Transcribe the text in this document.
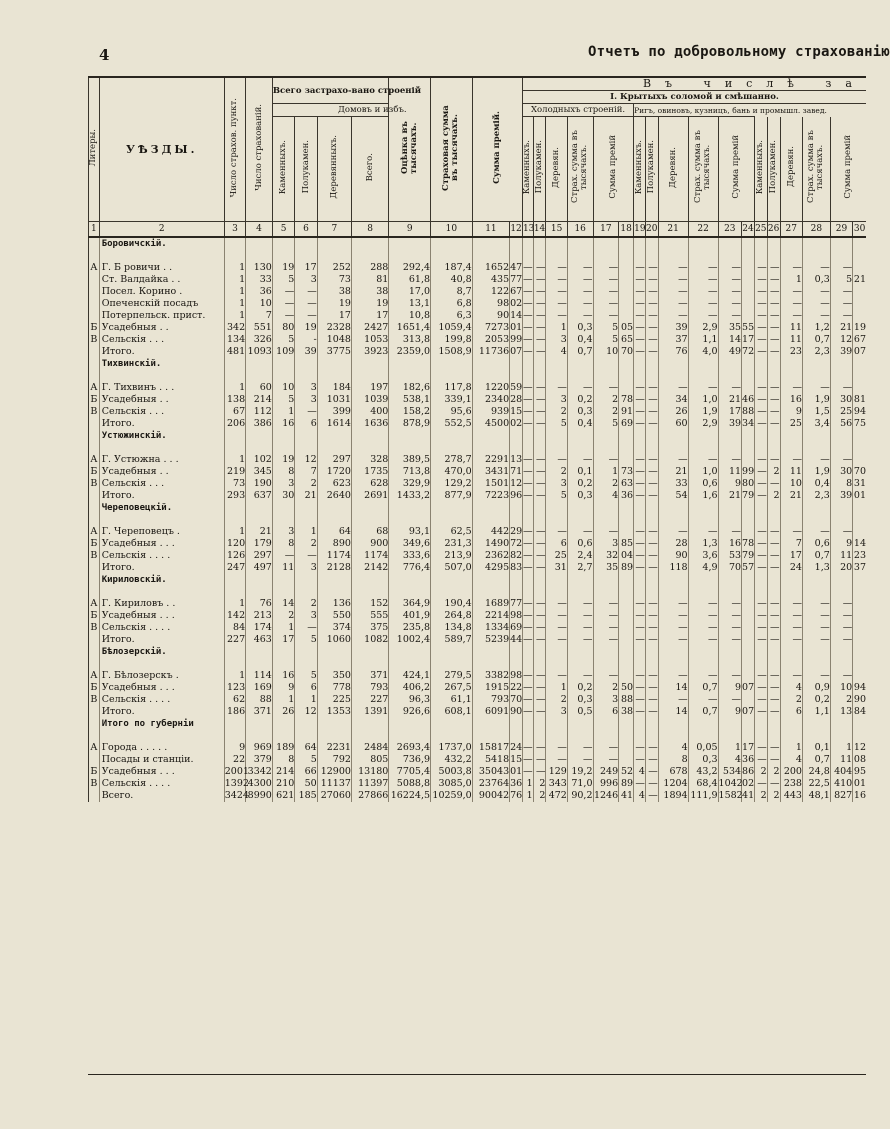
4	Отчетъ по добровольному страхованію
Литеры.	УѢЗДЫ.	Число страхов. пункт.	Число страхованій.	Всего застрахо-вано строеній				Оцѣнка въ тысячахъ.	Страховая сумма въ тысячахъ.	Сумма премій.		Въ числѣ за																	
												I. Крытыхъ соломой и смѣшанно.																	
				Домовъ и избъ.								Холодныхъ строеній.						Ригъ, овиновъ, кузницъ, бань и промышл. завед.											
				Каменныхъ.	Полукамен.	Деревянныхъ.	Всего.					Каменныхъ.	Полукамен.	Деревян.	Страх. сумма въ тысячахъ.	Сумма премій		Каменныхъ.	Полукамен.	Деревян.	Страх. сумма въ тысячахъ.	Сумма премій		Каменныхъ.	Полукамен.	Деревян.	Страх. сумма въ тысячахъ.	Сумма премій	
1	2	3	4	5	6	7	8	9	10	11	12	13	14	15	16	17	18	19	20	21	22	23	24	25	26	27	28	29	30
	Боровичскій.																												

А	Г. Б ровичи . .	1	130	19	17	252	288	292,4	187,4	1652	47	—	—	—	—	—		—	—	—	—	—		—	—	—	—	—	
	Ст. Валдайка . .	1	33	5	3	73	81	61,8	40,8	435	77	—	—	—	—	—		—	—	—	—	—		—	—	1	0,3	5	21
	Посел. Корино .	1	36	—	—	38	38	17,0	8,7	122	67	—	—	—	—	—		—	—	—	—	—		—	—	—	—	—	
	Опеченскій посадъ	1	10	—	—	19	19	13,1	6,8	98	02	—	—	—	—	—		—	—	—	—	—		—	—	—	—	—	
	Потерпельск. прист.	1	7	—	—	17	17	10,8	6,3	90	14	—	—	—	—	—		—	—	—	—	—		—	—	—	—	—	
Б	Усадебныя . .	342	551	80	19	2328	2427	1651,4	1059,4	7273	01	—	—	1	0,3	5	05	—	—	39	2,9	35	55	—	—	11	1,2	21	19
В	Сельскія . . .	134	326	5	-	1048	1053	313,8	199,8	2053	99	—	—	3	0,4	5	65	—	—	37	1,1	14	17	—	—	11	0,7	12	67
	Итого.	481	1093	109	39	3775	3923	2359,0	1508,9	11736	07	—	—	4	0,7	10	70	—	—	76	4,0	49	72	—	—	23	2,3	39	07
	Тихвинскій.																												

А	Г. Тихвинъ . . .	1	60	10	3	184	197	182,6	117,8	1220	59	—	—	—	—	—		—	—	—	—	—		—	—	—	—	—	
Б	Усадебныя . .	138	214	5	3	1031	1039	538,1	339,1	2340	28	—	—	3	0,2	2	78	—	—	34	1,0	21	46	—	—	16	1,9	30	81
В	Сельскія . . .	67	112	1	—	399	400	158,2	95,6	939	15	—	—	2	0,3	2	91	—	—	26	1,9	17	88	—	—	9	1,5	25	94
	Итого.	206	386	16	6	1614	1636	878,9	552,5	4500	02	—	—	5	0,4	5	69	—	—	60	2,9	39	34	—	—	25	3,4	56	75
	Устюжинскій.																												

А	Г. Устюжна . . .	1	102	19	12	297	328	389,5	278,7	2291	13	—	—	—	—	—		—	—	—	—	—		—	—	—	—	—	
Б	Усадебныя . .	219	345	8	7	1720	1735	713,8	470,0	3431	71	—	—	2	0,1	1	73	—	—	21	1,0	11	99	—	2	11	1,9	30	70
В	Сельскія . . .	73	190	3	2	623	628	329,9	129,2	1501	12	—	—	3	0,2	2	63	—	—	33	0,6	9	80	—	—	10	0,4	8	31
	Итого.	293	637	30	21	2640	2691	1433,2	877,9	7223	96	—	—	5	0,3	4	36	—	—	54	1,6	21	79	—	2	21	2,3	39	01
	Череповецкій.																												

А	Г. Череповецъ .	1	21	3	1	64	68	93,1	62,5	442	29	—	—	—	—	—		—	—	—	—	—		—	—	—	—	—	
Б	Усадебныя . . .	120	179	8	2	890	900	349,6	231,3	1490	72	—	—	6	0,6	3	85	—	—	28	1,3	16	78	—	—	7	0,6	9	14
В	Сельскія . . . .	126	297	—	—	1174	1174	333,6	213,9	2362	82	—	—	25	2,4	32	04	—	—	90	3,6	53	79	—	—	17	0,7	11	23
	Итого.	247	497	11	3	2128	2142	776,4	507,0	4295	83	—	—	31	2,7	35	89	—	—	118	4,9	70	57	—	—	24	1,3	20	37
	Кириловскій.																												

А	Г. Кириловъ . .	1	76	14	2	136	152	364,9	190,4	1689	77	—	—	—	—	—		—	—	—	—	—		—	—	—	—	—	
Б	Усадебныя . . .	142	213	2	3	550	555	401,9	264,8	2214	98	—	—	—	—	—		—	—	—	—	—		—	—	—	—	—	
В	Сельскія . . . .	84	174	1	—	374	375	235,8	134,8	1334	69	—	—	—	—	—		—	—	—	—	—		—	—	—	—	—	
	Итого.	227	463	17	5	1060	1082	1002,4	589,7	5239	44	—	—	—	—	—		—	—	—	—	—		—	—	—	—	—	
	Бѣлозерскій.																												

А	Г. Бѣлозерскъ .	1	114	16	5	350	371	424,1	279,5	3382	98	—	—	—	—	—		—	—	—	—	—		—	—	—	—	—	
Б	Усадебныя . . .	123	169	9	6	778	793	406,2	267,5	1915	22	—	—	1	0,2	2	50	—	—	14	0,7	9	07	—	—	4	0,9	10	94
В	Сельскія . . . .	62	88	1	1	225	227	96,3	61,1	793	70	—	—	2	0,3	3	88	—	—	—	—	—		—	—	2	0,2	2	90
	Итого.	186	371	26	12	1353	1391	926,6	608,1	6091	90	—	—	3	0,5	6	38	—	—	14	0,7	9	07	—	—	6	1,1	13	84
	Итого по губерніи																												

А	Города . . . . .	9	969	189	64	2231	2484	2693,4	1737,0	15817	24	—	—	—	—	—		—	—	4	0,05	1	17	—	—	1	0,1	1	12
	Посады и станціи.	22	379	8	5	792	805	736,9	432,2	5418	15	—	—	—	—	—		—	—	8	0,3	4	36	—	—	4	0,7	11	08
Б	Усадебныя . . .	2001	3342	214	66	12900	13180	7705,4	5003,8	35043	01	—	—	129	19,2	249	52	4	—	678	43,2	534	86	2	2	200	24,8	404	95
В	Сельскія . . . .	1392	4300	210	50	11137	11397	5088,8	3085,0	23764	36	1	2	343	71,0	996	89	—	—	1204	68,4	1042	02	—	—	238	22,5	410	01
	Всего.	3424	8990	621	185	27060	27866	16224,5	10259,0	90042	76	1	2	472	90,2	1246	41	4	—	1894	111,9	1582	41	2	2	443	48,1	827	16
